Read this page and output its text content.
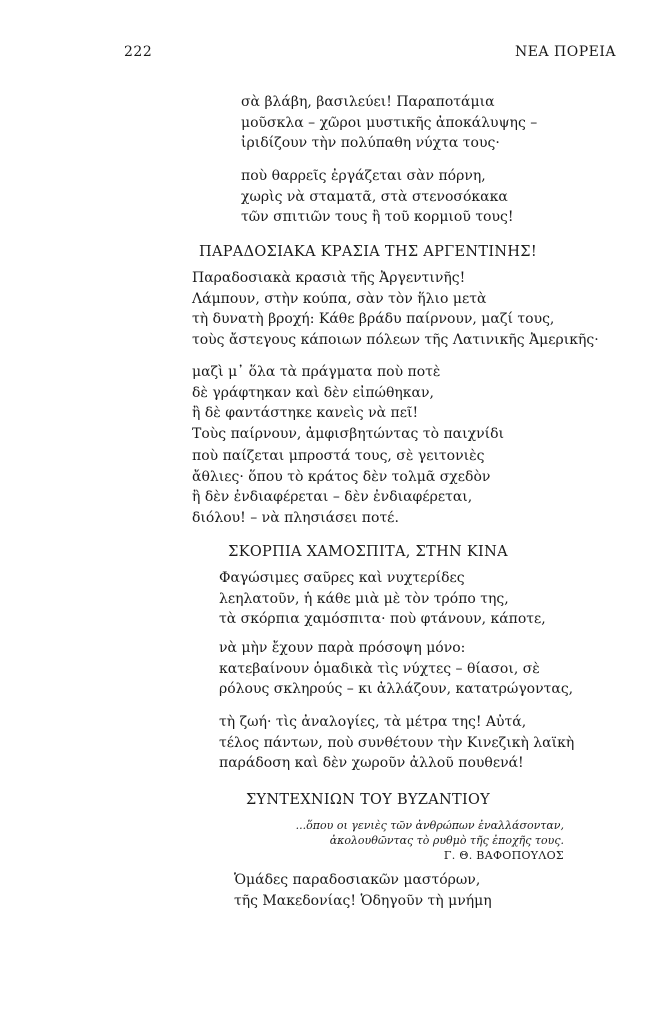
222	ΝΕΑ ΠΟΡΕΙΑ
σὰ βλάβη, βασιλεύει! Παραποτάμια
μοῦσκλα – χῶροι μυστικῆς ἀποκάλυψης –
ἰριδίζουν τὴν πολύπαθη νύχτα τους·
ποὺ θαρρεῖς ἐργάζεται σὰν πόρνη,
χωρὶς νὰ σταματᾶ, στὰ στενοσόκακα
τῶν σπιτιῶν τους ἢ τοῦ κορμιοῦ τους!
ΠΑΡΑΔΟΣΙΑΚΑ ΚΡΑΣΙΑ ΤΗΣ ΑΡΓΕΝΤΙΝΗΣ!
Παραδοσιακὰ κρασιὰ τῆς Ἀργεντινῆς!
Λάμπουν, στὴν κούπα, σὰν τὸν ἥλιο μετὰ
τὴ δυνατὴ βροχή: Κάθε βράδυ παίρνουν, μαζί τους,
τοὺς ἄστεγους κάποιων πόλεων τῆς Λατινικῆς Ἀμερικῆς·
μαζὶ μ᾽ ὅλα τὰ πράγματα ποὺ ποτὲ
δὲ γράφτηκαν καὶ δὲν εἰπώθηκαν,
ἢ δὲ φαντάστηκε κανεὶς νὰ πεῖ!
Τοὺς παίρνουν, ἀμφισβητώντας τὸ παιχνίδι
ποὺ παίζεται μπροστά τους, σὲ γειτονιὲς
ἄθλιες· ὅπου τὸ κράτος δὲν τολμᾶ σχεδὸν
ἢ δὲν ἐνδιαφέρεται – δὲν ἐνδιαφέρεται,
διόλου! – νὰ πλησιάσει ποτέ.
ΣΚΟΡΠΙΑ ΧΑΜΟΣΠΙΤΑ, ΣΤΗΝ ΚΙΝΑ
Φαγώσιμες σαῦρες καὶ νυχτερίδες
λεηλατοῦν, ἡ κάθε μιὰ μὲ τὸν τρόπο της,
τὰ σκόρπια χαμόσπιτα· ποὺ φτάνουν, κάποτε,
νὰ μὴν ἔχουν παρὰ πρόσοψη μόνο:
κατεβαίνουν ὁμαδικὰ τὶς νύχτες – θίασοι, σὲ
ρόλους σκληρούς – κι ἀλλάζουν, κατατρώγοντας,
τὴ ζωή· τὶς ἀναλογίες, τὰ μέτρα της! Αὐτά,
τέλος πάντων, ποὺ συνθέτουν τὴν Κινεζικὴ λαϊκὴ
παράδοση καὶ δὲν χωροῦν ἀλλοῦ πουθενά!
ΣΥΝΤΕΧΝΙΩΝ ΤΟΥ ΒΥΖΑΝΤΙΟΥ
...ὅπου οι γενιὲς τῶν ἀνθρώπων ἐναλλάσονταν,
ἀκολουθῶντας τὸ ρυθμὸ τῆς ἐποχῆς τους.
Γ. Θ. ΒΑΦΟΠΟΥΛΟΣ
Ὁμάδες παραδοσιακῶν μαστόρων,
τῆς Μακεδονίας! Ὁδηγοῦν τὴ μνήμη
